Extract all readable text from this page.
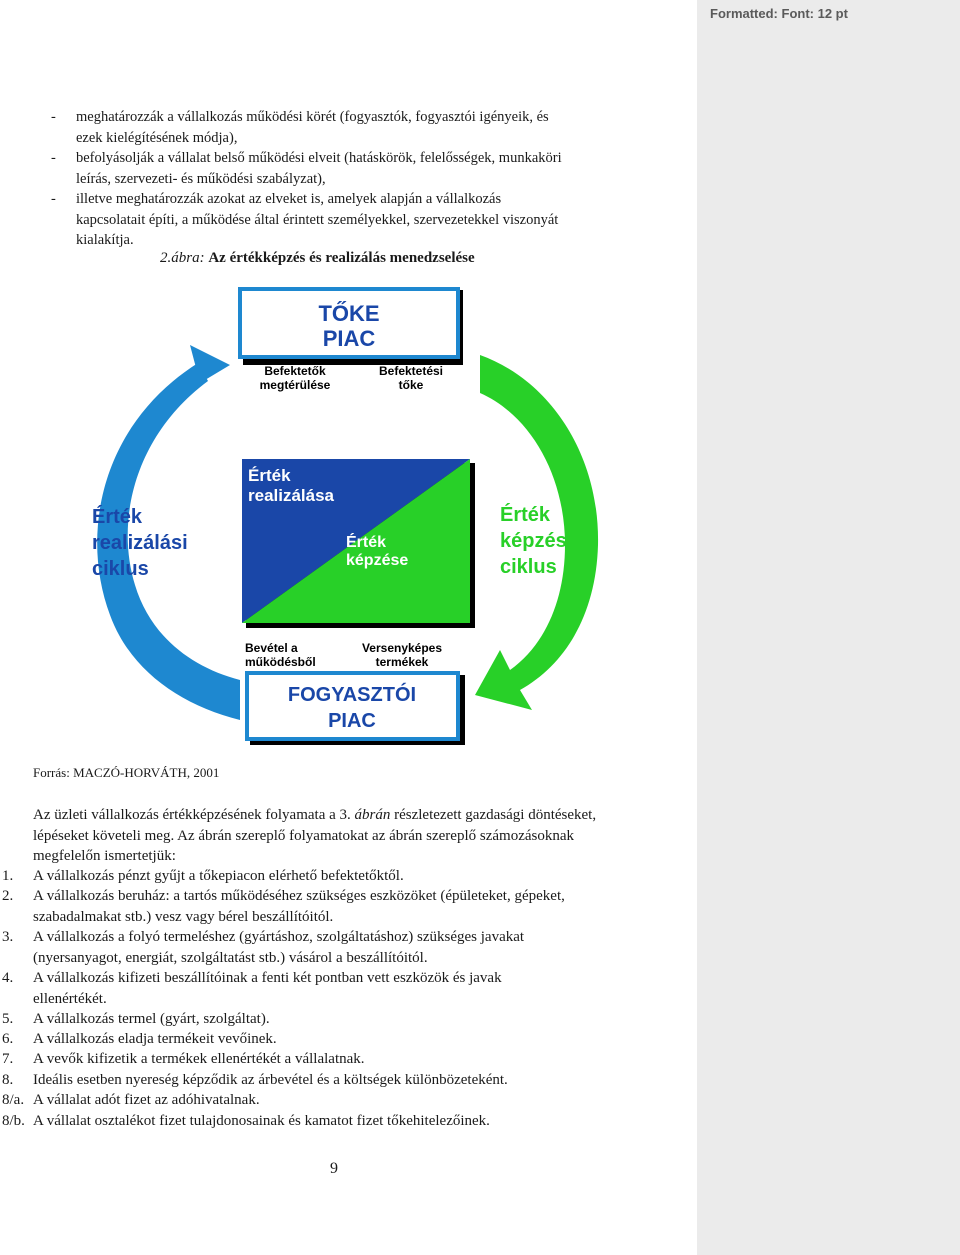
Formatted: Font: 12 pt
- meghatározzák a vállalkozás működési körét (fogyasztók, fogyasztói igényeik, és
ezek kielégítésének módja),
- befolyásolják a vállalat belső működési elveit (hatáskörök, felelősségek, munkaköri
leírás, szervezeti- és működési szabályzat),
- illetve meghatározzák azokat az elveket is, amelyek alapján a vállalkozás
kapcsolatait építi, a működése által érintett személyekkel, szervezetekkel viszonyát
kialakítja.
2.ábra: Az értékképzés és realizálás menedzselése
TŐKE
PIAC
Befektetők
megtérülése
Befektetési
tőke
Érték
realizálása
Érték
képzése
Érték
realizálási
ciklus
Érték
képzési
ciklus
Bevétel a
működésből
Versenyképes
termékek
FOGYASZTÓI
PIAC
Forrás: MACZÓ-HORVÁTH, 2001
Az üzleti vállalkozás értékképzésének folyamata a 3. ábrán részletezett gazdasági döntéseket,
lépéseket követeli meg. Az ábrán szereplő folyamatokat az ábrán szereplő számozásoknak
megfelelőn ismertetjük:
1. A vállalkozás pénzt gyűjt a tőkepiacon elérhető befektetőktől.
2. A vállalkozás beruház: a tartós működéséhez szükséges eszközöket (épületeket, gépeket,
szabadalmakat stb.) vesz vagy bérel beszállítóitól.
3. A vállalkozás a folyó termeléshez (gyártáshoz, szolgáltatáshoz) szükséges javakat
(nyersanyagot, energiát, szolgáltatást stb.) vásárol a beszállítóitól.
4. A vállalkozás kifizeti beszállítóinak a fenti két pontban vett eszközök és javak
ellenértékét.
5. A vállalkozás termel (gyárt, szolgáltat).
6. A vállalkozás eladja termékeit vevőinek.
7. A vevők kifizetik a termékek ellenértékét a vállalatnak.
8. Ideális esetben nyereség képződik az árbevétel és a költségek különbözeteként.
8/a. A vállalat adót fizet az adóhivatalnak.
8/b. A vállalat osztalékot fizet tulajdonosainak és kamatot fizet tőkehitelezőinek.
9
